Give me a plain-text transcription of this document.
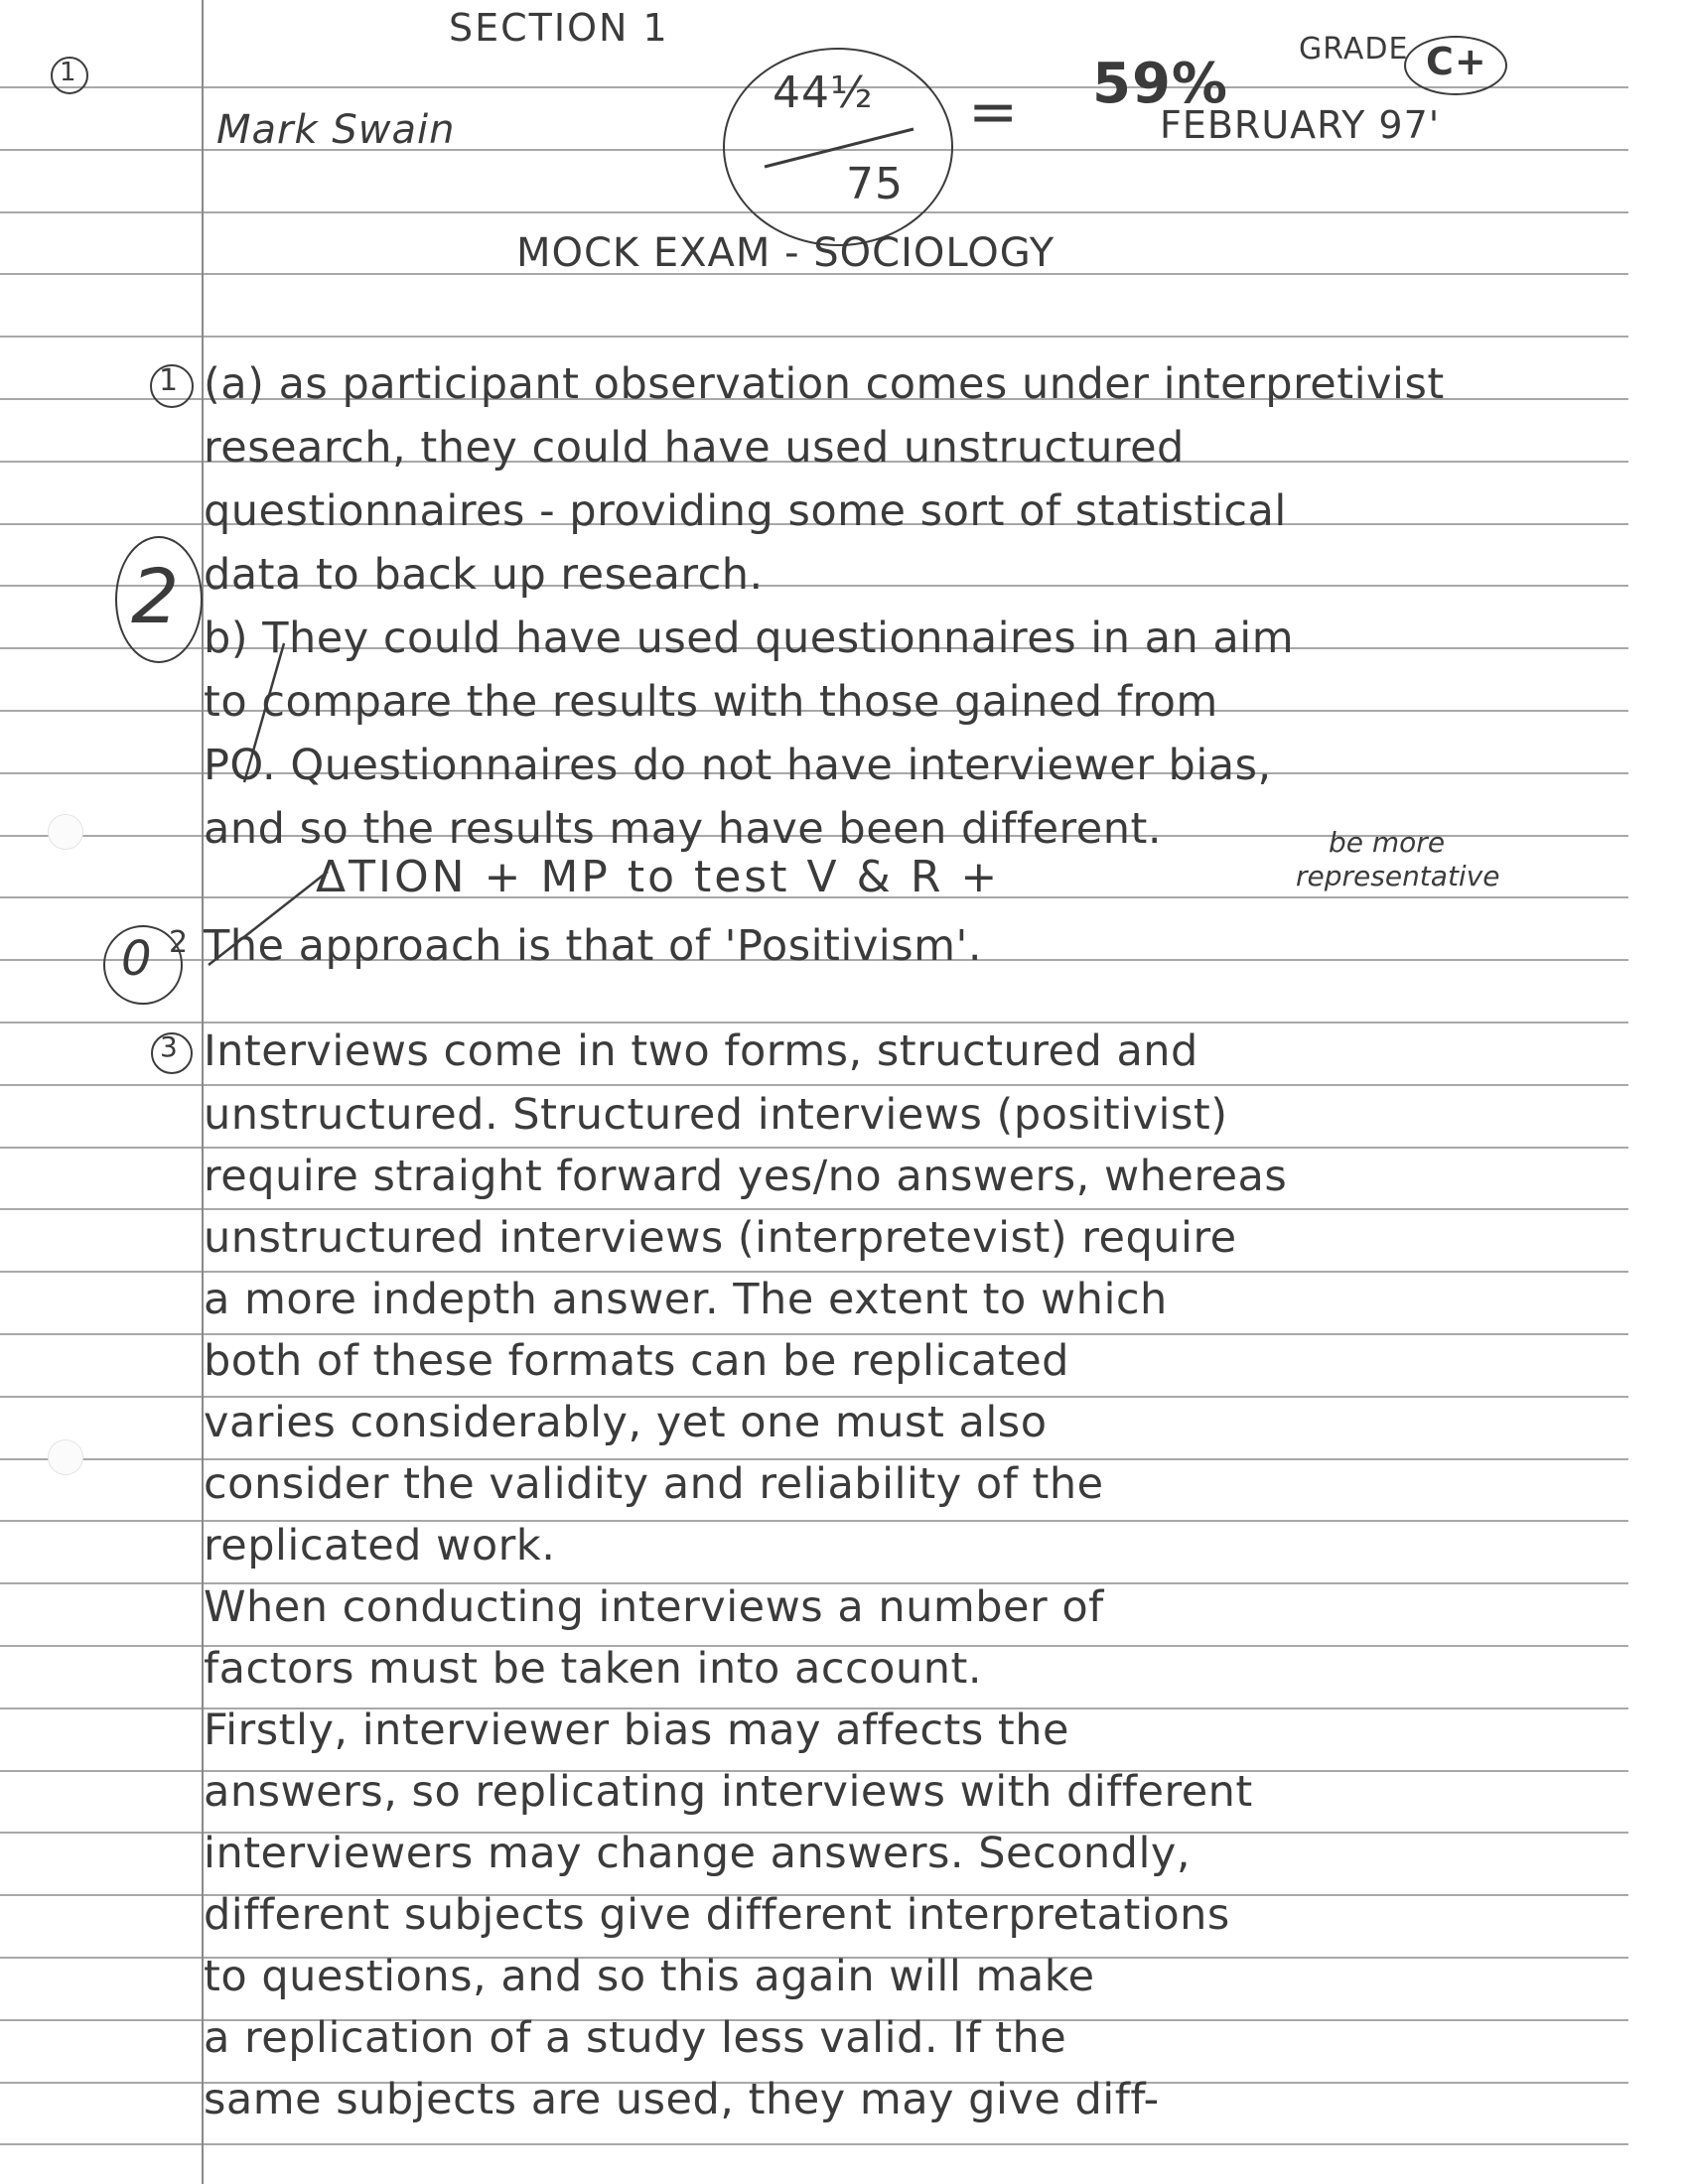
1
SECTION 1
Mark Swain
44½
75
= 59%
GRADE C+
FEBRUARY 97'
MOCK EXAM - SOCIOLOGY
1
2
(a) as participant observation comes under interpretivist
research, they could have used unstructured
questionnaires - providing some sort of statistical
data to back up research.
b) They could have used questionnaires in an aim
to compare the results with those gained from
PO. Questionnaires do not have interviewer bias,
and so the results may have been different.
ΔTION + MP to test V & R +
be more
representative
0 2 The approach is that of 'Positivism'.
3 Interviews come in two forms, structured and
unstructured. Structured interviews (positivist)
require straight forward yes/no answers, whereas
unstructured interviews (interpretevist) require
a more indepth answer. The extent to which
both of these formats can be replicated
varies considerably, yet one must also
consider the validity and reliability of the
replicated work.
When conducting interviews a number of
factors must be taken into account.
Firstly, interviewer bias may affects the
answers, so replicating interviews with different
interviewers may change answers. Secondly,
different subjects give different interpretations
to questions, and so this again will make
a replication of a study less valid. If the
same subjects are used, they may give diff-
